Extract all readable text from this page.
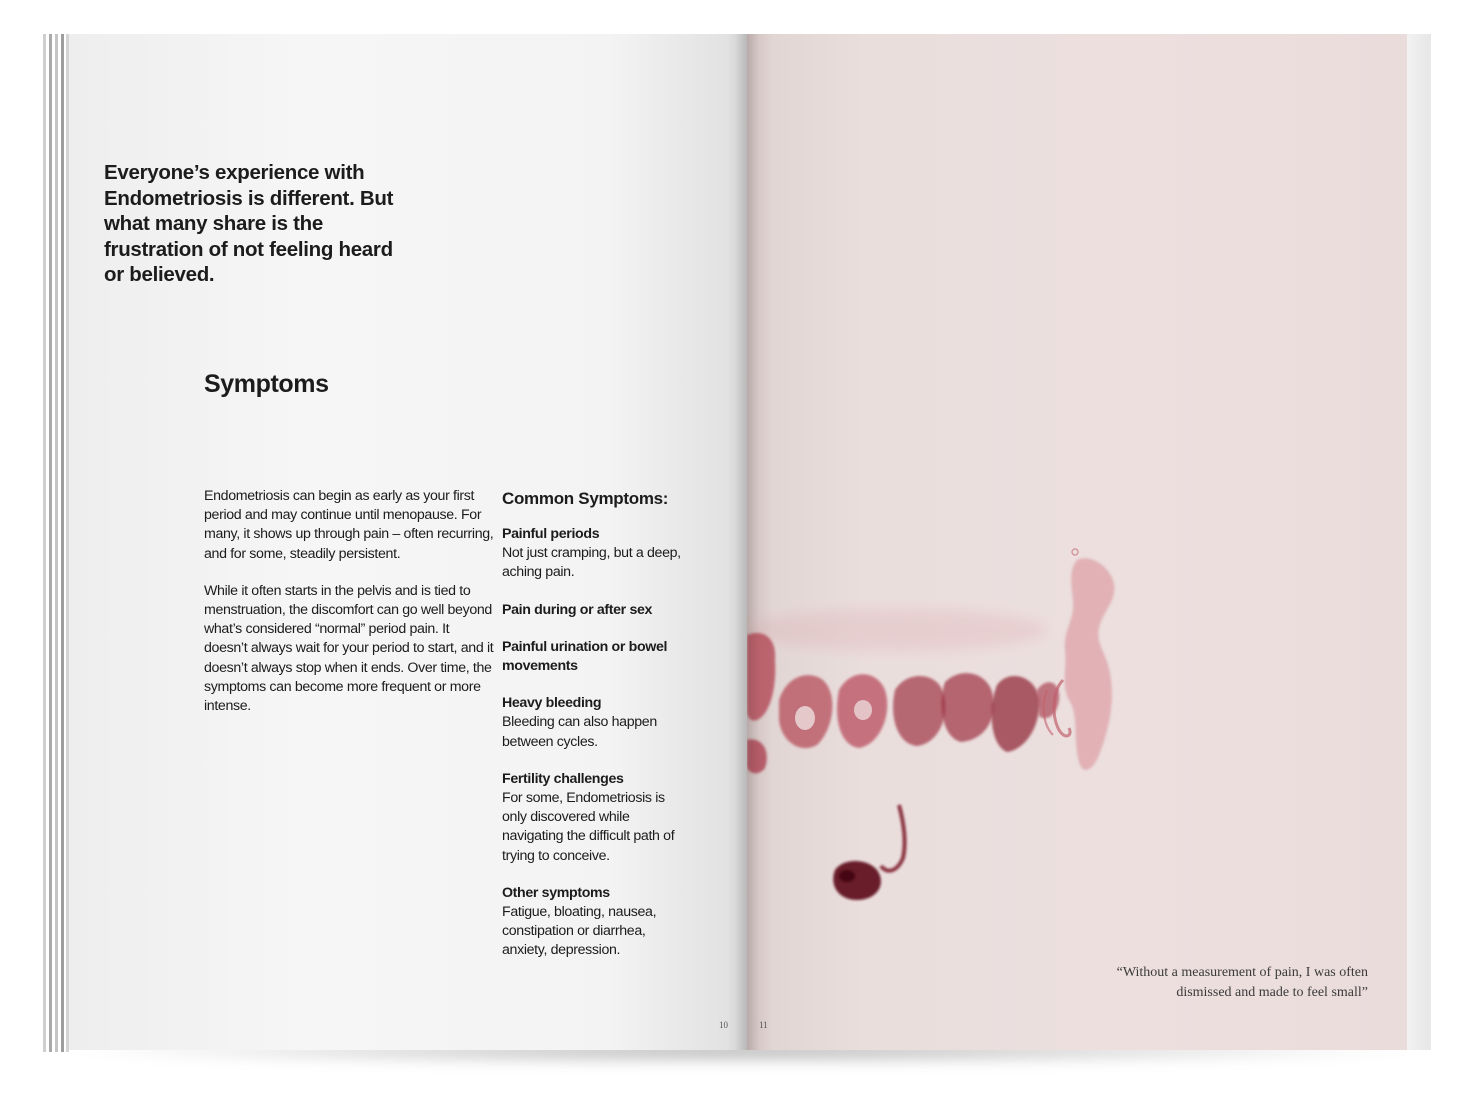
Everyone’s experience with Endometriosis is different. But what many share is the frustration of not feeling heard or believed.

Symptoms

Endometriosis can begin as early as your first period and may continue until menopause. For many, it shows up through pain – often recurring, and for some, steadily persistent.

While it often starts in the pelvis and is tied to menstruation, the discomfort can go well beyond what’s considered “normal” period pain. It doesn’t always wait for your period to start, and it doesn’t always stop when it ends. Over time, the symptoms can become more frequent or more intense.

Common Symptoms:
Painful periods
Not just cramping, but a deep, aching pain.
Pain during or after sex
Painful urination or bowel movements
Heavy bleeding
Bleeding can also happen between cycles.
Fertility challenges
For some, Endometriosis is only discovered while navigating the difficult path of trying to conceive.
Other symptoms
Fatigue, bloating, nausea, constipation or diarrhea, anxiety, depression.
10	11

“Without a measurement of pain, I was often dismissed and made to feel small”
